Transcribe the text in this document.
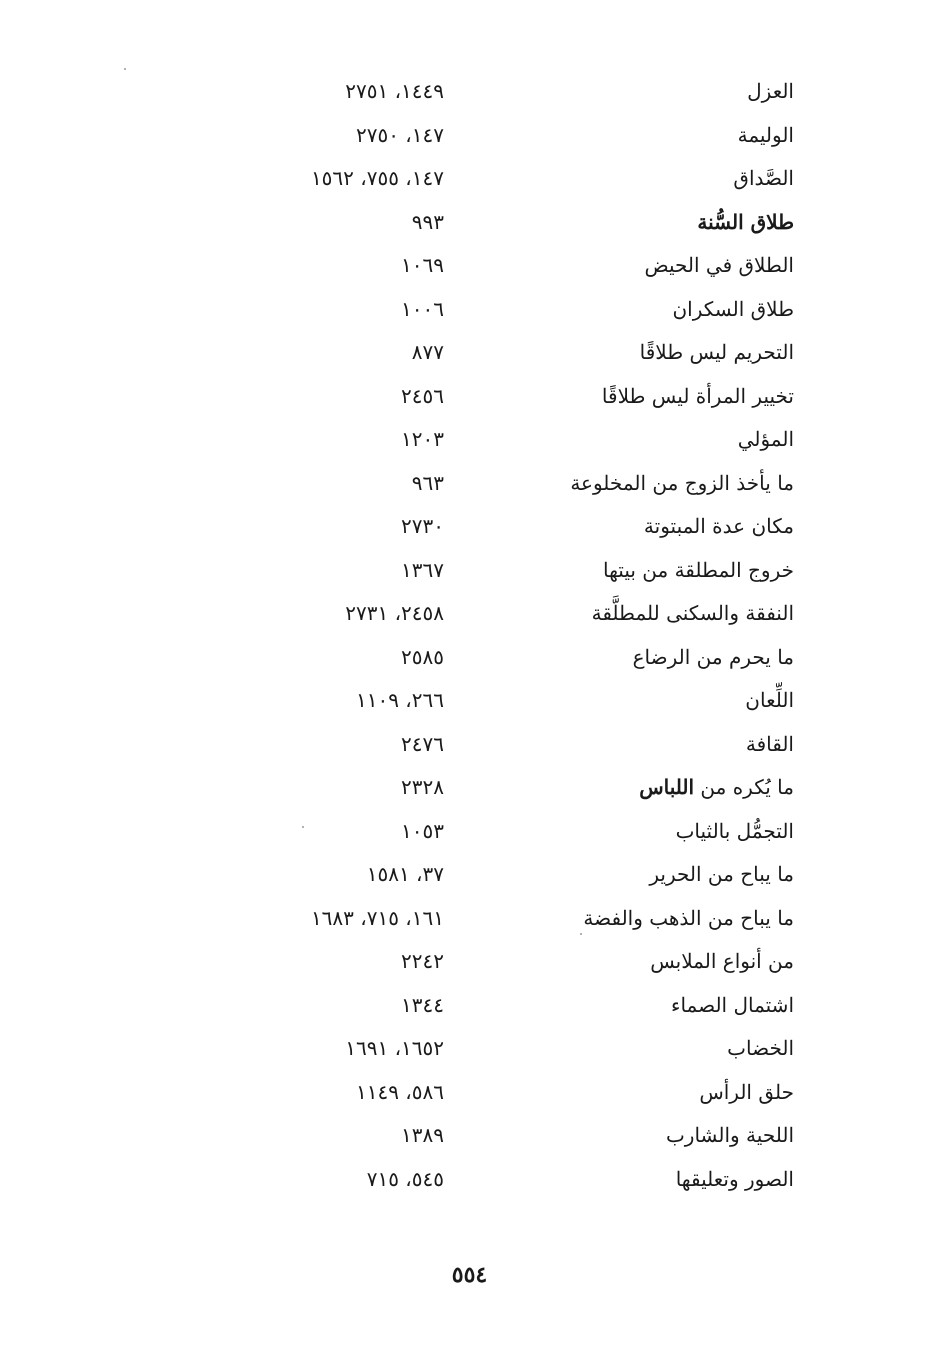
العزل
١٤٤٩، ٢٧٥١
الوليمة
١٤٧، ٢٧٥٠
الصَّداق
١٤٧، ٧٥٥، ١٥٦٢
طلاق السُّنة
٩٩٣
الطلاق في الحيض
١٠٦٩
طلاق السكران
١٠٠٦
التحريم ليس طلاقًا
٨٧٧
تخيير المرأة ليس طلاقًا
٢٤٥٦
المؤلي
١٢٠٣
ما يأخذ الزوج من المخلوعة
٩٦٣
مكان عدة المبتوتة
٢٧٣٠
خروج المطلقة من بيتها
١٣٦٧
النفقة والسكنى للمطلَّقة
٢٤٥٨، ٢٧٣١
ما يحرم من الرضاع
٢٥٨٥
اللِّعان
٢٦٦، ١١٠٩
القافة
٢٤٧٦
ما يُكره من اللباس
٢٣٢٨
التجمُّل بالثياب
١٠٥٣
ما يباح من الحرير
٣٧، ١٥٨١
ما يباح من الذهب والفضة
١٦١، ٧١٥، ١٦٨٣
من أنواع الملابس
٢٢٤٢
اشتمال الصماء
١٣٤٤
الخضاب
١٦٥٢، ١٦٩١
حلق الرأس
٥٨٦، ١١٤٩
اللحية والشارب
١٣٨٩
الصور وتعليقها
٥٤٥، ٧١٥
٥٥٤
